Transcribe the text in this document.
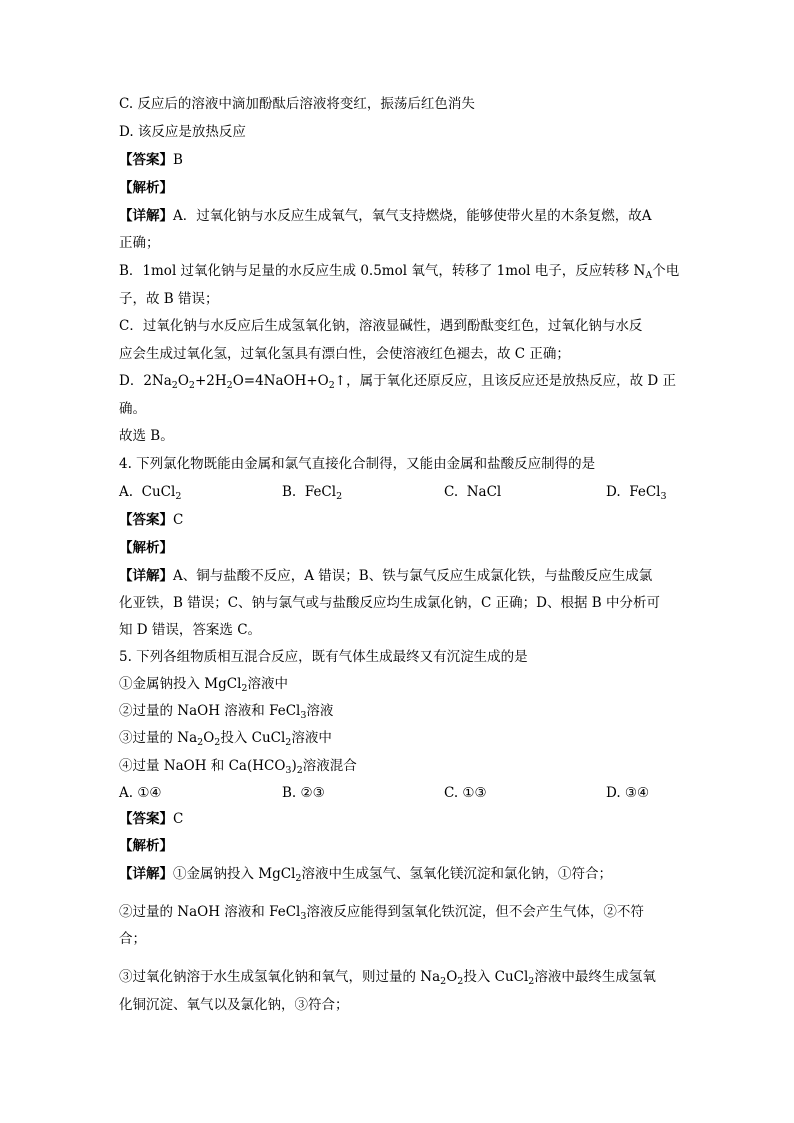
C. 反应后的溶液中滴加酚酞后溶液将变红，振荡后红色消失
D. 该反应是放热反应
【答案】B
【解析】
【详解】A．过氧化钠与水反应生成氧气，氧气支持燃烧，能够使带火星的木条复燃，故A
正确；
B．1mol 过氧化钠与足量的水反应生成 0.5mol 氧气，转移了 1mol 电子，反应转移 $N_A$个电
子，故 B 错误；
C．过氧化钠与水反应后生成氢氧化钠，溶液显碱性，遇到酚酞变红色，过氧化钠与水反
应会生成过氧化氢，过氧化氢具有漂白性，会使溶液红色褪去，故 C 正确；
D．$2Na_2O_2+2H_2O=4NaOH+O_2↑$，属于氧化还原反应，且该反应还是放热反应，故 D 正
确。
故选 B。
4. 下列氯化物既能由金属和氯气直接化合制得，又能由金属和盐酸反应制得的是
A. CuCl$_2$	B. FeCl$_2$	C. NaCl	D. FeCl$_3$
【答案】C
【解析】
【详解】A、铜与盐酸不反应，A 错误；B、铁与氯气反应生成氯化铁，与盐酸反应生成氯
化亚铁，B 错误；C、钠与氯气或与盐酸反应均生成氯化钠，C 正确；D、根据 B 中分析可
知 D 错误，答案选 C。
5. 下列各组物质相互混合反应，既有气体生成最终又有沉淀生成的是
①金属钠投入 MgCl$_2$溶液中
②过量的 NaOH 溶液和 FeCl$_3$溶液
③过量的 $Na_2O_2$投入 CuCl$_2$溶液中
④过量 NaOH 和 $Ca(HCO_3)_2$溶液混合
A. ①④	B. ②③	C. ①③	D. ③④
【答案】C
【解析】
【详解】①金属钠投入 MgCl$_2$溶液中生成氢气、氢氧化镁沉淀和氯化钠，①符合；
②过量的 NaOH 溶液和 FeCl$_3$溶液反应能得到氢氧化铁沉淀，但不会产生气体，②不符
合；
③过氧化钠溶于水生成氢氧化钠和氧气，则过量的 $Na_2O_2$投入 CuCl$_2$溶液中最终生成氢氧
化铜沉淀、氧气以及氯化钠，③符合；
